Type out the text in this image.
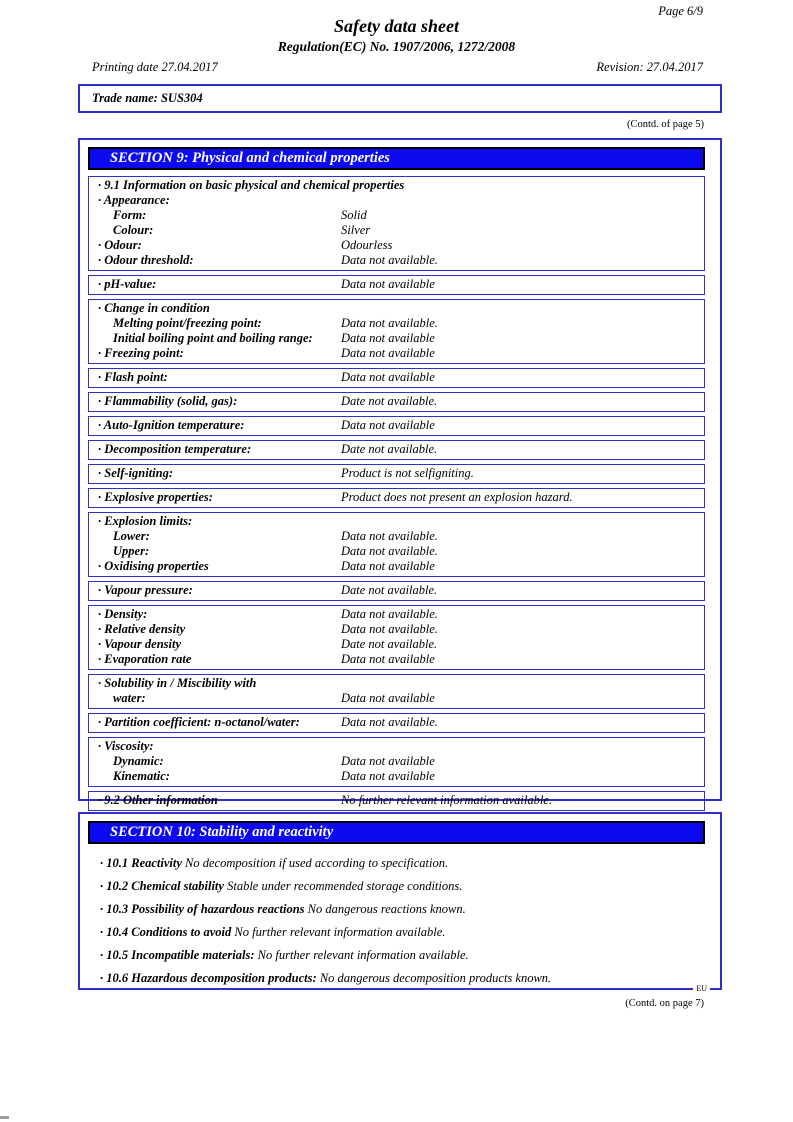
Page 6/9
Safety data sheet
Regulation(EC) No. 1907/2006, 1272/2008
Printing date 27.04.2017	Revision: 27.04.2017
Trade name: SUS304
(Contd. of page 5)
SECTION 9: Physical and chemical properties
· 9.1 Information on basic physical and chemical properties
· Appearance:
Form:	Solid
Colour:	Silver
· Odour:	Odourless
· Odour threshold:	Data not available.
· pH-value:	Data not available
· Change in condition
Melting point/freezing point:	Data not available.
Initial boiling point and boiling range:	Data not available
· Freezing point:	Data not available
· Flash point:	Data not available
· Flammability (solid, gas):	Date not available.
· Auto-Ignition temperature:	Data not available
· Decomposition temperature:	Date not available.
· Self-igniting:	Product is not selfigniting.
· Explosive properties:	Product does not present an explosion hazard.
· Explosion limits:
Lower:	Data not available.
Upper:	Data not available.
· Oxidising properties	Data not available
· Vapour pressure:	Date not available.
· Density:	Data not available.
· Relative density	Data not available.
· Vapour density	Date not available.
· Evaporation rate	Data not available
· Solubility in / Miscibility with
water:	Data not available
· Partition coefficient: n-octanol/water:	Data not available.
· Viscosity:
Dynamic:	Data not available
Kinematic:	Data not available
· 9.2 Other information	No further relevant information available.
SECTION 10: Stability and reactivity
· 10.1 Reactivity No decomposition if used according to specification.
· 10.2 Chemical stability Stable under recommended storage conditions.
· 10.3 Possibility of hazardous reactions No dangerous reactions known.
· 10.4 Conditions to avoid No further relevant information available.
· 10.5 Incompatible materials: No further relevant information available.
· 10.6 Hazardous decomposition products: No dangerous decomposition products known.
EU
(Contd. on page 7)
